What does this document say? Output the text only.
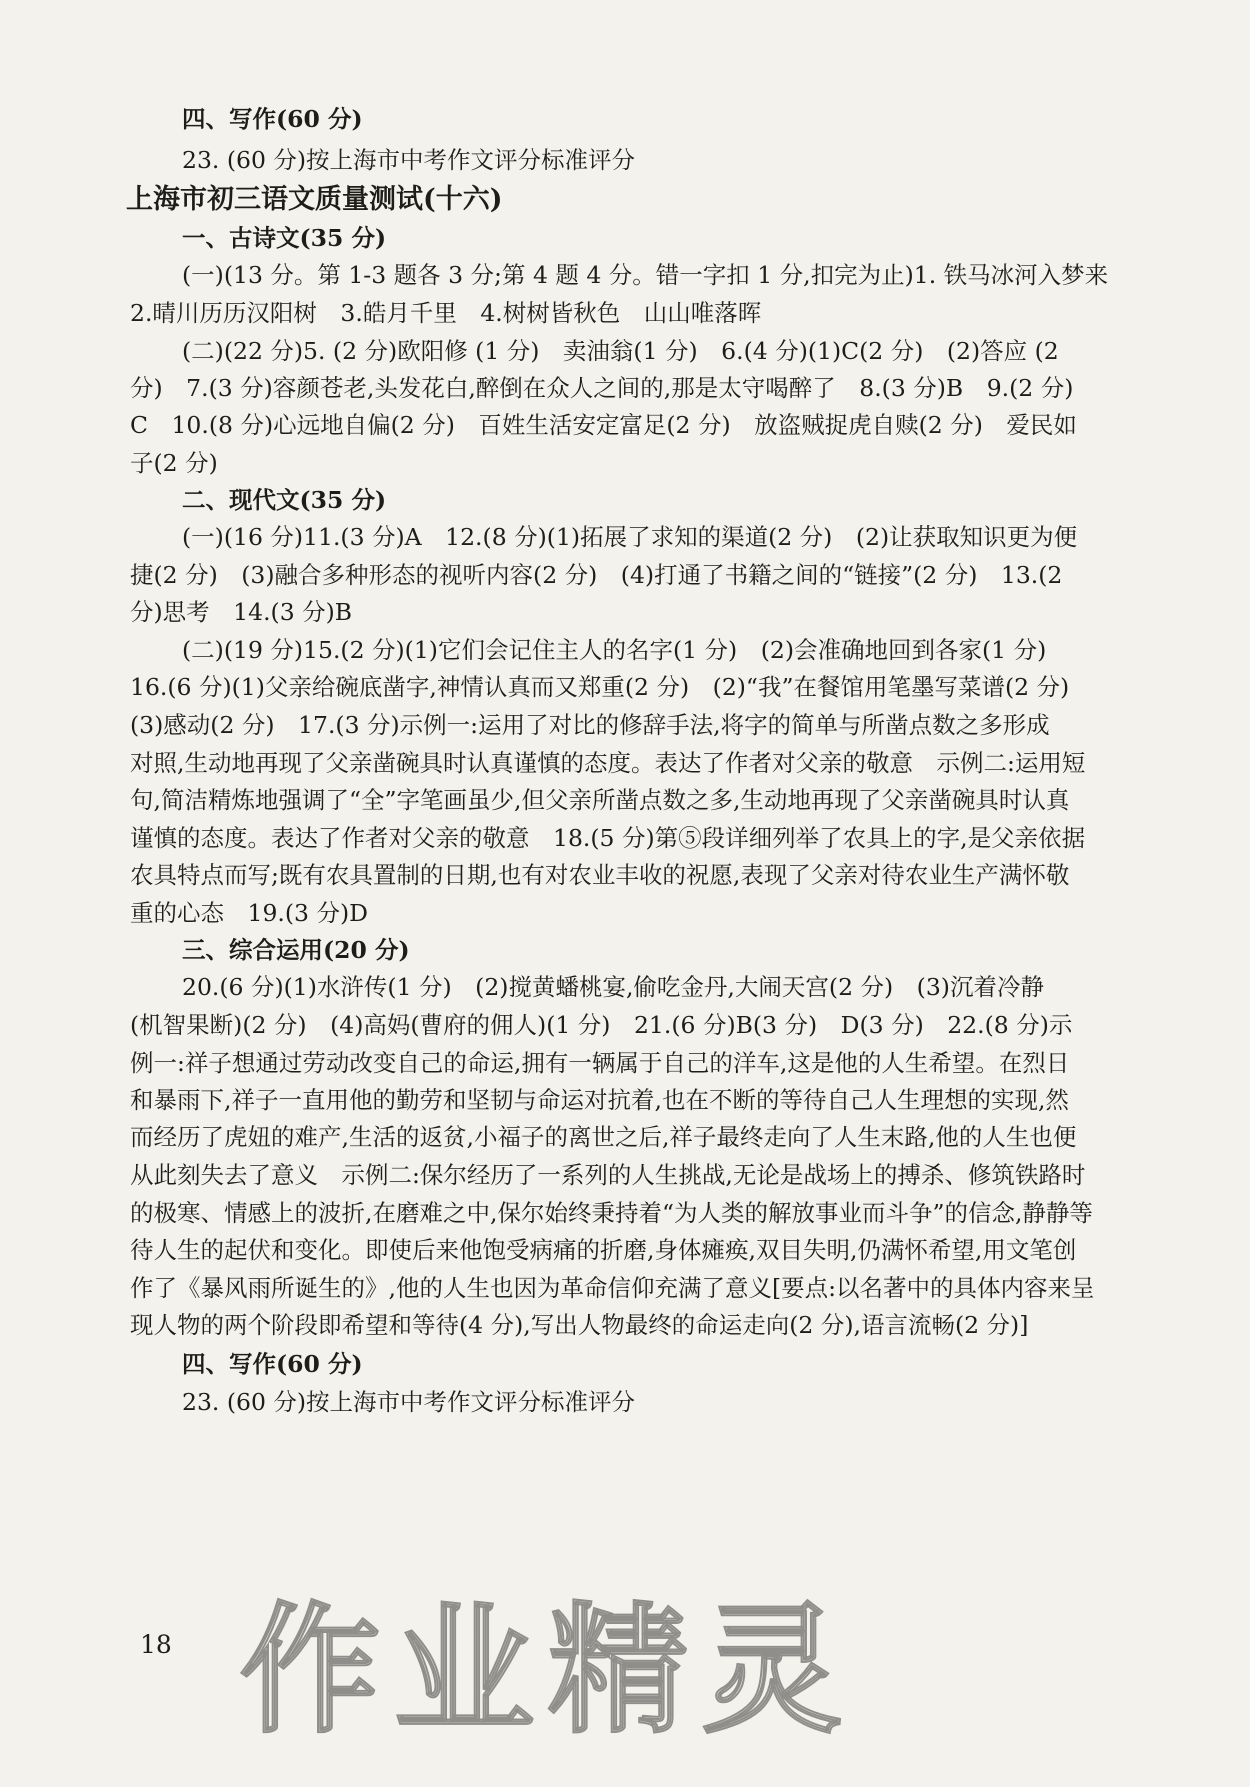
四、写作(60 分)
23. (60 分)按上海市中考作文评分标准评分
上海市初三语文质量测试(十六)
一、古诗文(35 分)
(一)(13 分。第 1-3 题各 3 分;第 4 题 4 分。错一字扣 1 分,扣完为止)1. 铁马冰河入梦来
2.晴川历历汉阳树　3.皓月千里　4.树树皆秋色　山山唯落晖
(二)(22 分)5. (2 分)欧阳修 (1 分)　卖油翁(1 分)　6.(4 分)(1)C(2 分)　(2)答应 (2
分)　7.(3 分)容颜苍老,头发花白,醉倒在众人之间的,那是太守喝醉了　8.(3 分)B　9.(2 分)
C　10.(8 分)心远地自偏(2 分)　百姓生活安定富足(2 分)　放盗贼捉虎自赎(2 分)　爱民如
子(2 分)
二、现代文(35 分)
(一)(16 分)11.(3 分)A　12.(8 分)(1)拓展了求知的渠道(2 分)　(2)让获取知识更为便
捷(2 分)　(3)融合多种形态的视听内容(2 分)　(4)打通了书籍之间的“链接”(2 分)　13.(2
分)思考　14.(3 分)B
(二)(19 分)15.(2 分)(1)它们会记住主人的名字(1 分)　(2)会准确地回到各家(1 分)
16.(6 分)(1)父亲给碗底凿字,神情认真而又郑重(2 分)　(2)“我”在餐馆用笔墨写菜谱(2 分)
(3)感动(2 分)　17.(3 分)示例一:运用了对比的修辞手法,将字的简单与所凿点数之多形成
对照,生动地再现了父亲凿碗具时认真谨慎的态度。表达了作者对父亲的敬意　示例二:运用短
句,简洁精炼地强调了“全”字笔画虽少,但父亲所凿点数之多,生动地再现了父亲凿碗具时认真
谨慎的态度。表达了作者对父亲的敬意　18.(5 分)第⑤段详细列举了农具上的字,是父亲依据
农具特点而写;既有农具置制的日期,也有对农业丰收的祝愿,表现了父亲对待农业生产满怀敬
重的心态　19.(3 分)D
三、综合运用(20 分)
20.(6 分)(1)水浒传(1 分)　(2)搅黄蟠桃宴,偷吃金丹,大闹天宫(2 分)　(3)沉着冷静
(机智果断)(2 分)　(4)高妈(曹府的佣人)(1 分)　21.(6 分)B(3 分)　D(3 分)　22.(8 分)示
例一:祥子想通过劳动改变自己的命运,拥有一辆属于自己的洋车,这是他的人生希望。在烈日
和暴雨下,祥子一直用他的勤劳和坚韧与命运对抗着,也在不断的等待自己人生理想的实现,然
而经历了虎妞的难产,生活的返贫,小福子的离世之后,祥子最终走向了人生末路,他的人生也便
从此刻失去了意义　示例二:保尔经历了一系列的人生挑战,无论是战场上的搏杀、修筑铁路时
的极寒、情感上的波折,在磨难之中,保尔始终秉持着“为人类的解放事业而斗争”的信念,静静等
待人生的起伏和变化。即使后来他饱受病痛的折磨,身体瘫痪,双目失明,仍满怀希望,用文笔创
作了《暴风雨所诞生的》,他的人生也因为革命信仰充满了意义[要点:以名著中的具体内容来呈
现人物的两个阶段即希望和等待(4 分),写出人物最终的命运走向(2 分),语言流畅(2 分)]
四、写作(60 分)
23. (60 分)按上海市中考作文评分标准评分
18 作业精灵
